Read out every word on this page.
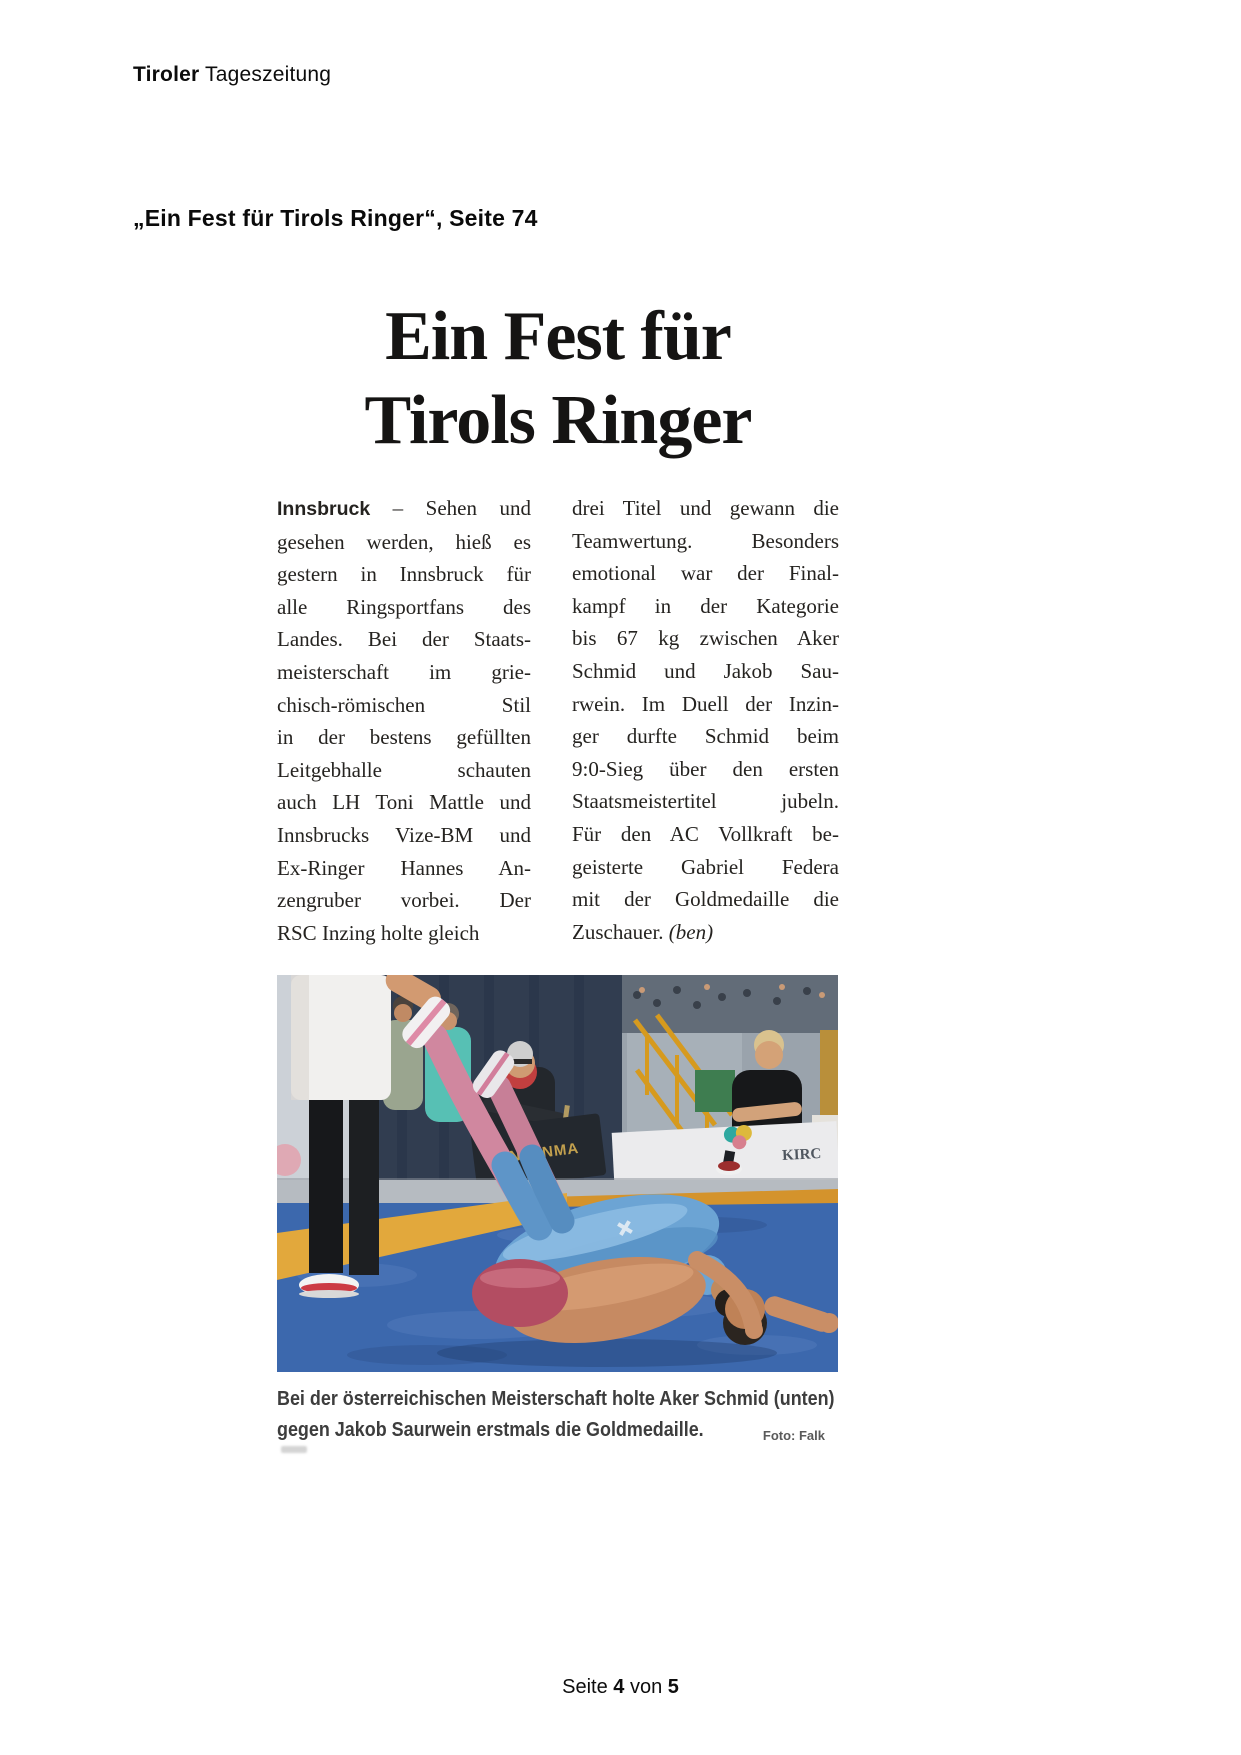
Tiroler Tageszeitung
„Ein Fest für Tirols Ringer“, Seite 74
Ein Fest für
Tirols Ringer
Innsbruck – Sehen und
gesehen werden, hieß es
gestern in Innsbruck für
alle Ringsportfans des
Landes. Bei der Staats-
meisterschaft im grie-
chisch-römischen Stil
in der bestens gefüllten
Leitgebhalle schauten
auch LH Toni Mattle und
Innsbrucks Vize-BM und
Ex-Ringer Hannes An-
zengruber vorbei. Der
RSC Inzing holte gleich
drei Titel und gewann die
Teamwertung. Besonders
emotional war der Final-
kampf in der Kategorie
bis 67 kg zwischen Aker
Schmid und Jakob Sau-
rwein. Im Duell der Inzin-
ger durfte Schmid beim
9:0-Sieg über den ersten
Staatsmeistertitel jubeln.
Für den AC Vollkraft be-
geisterte Gabriel Federa
mit der Goldmedaille die
Zuschauer. (ben)
UNZENMA	KIRC
Bei der österreichischen Meisterschaft holte Aker Schmid (unten)
gegen Jakob Saurwein erstmals die Goldmedaille.	Foto: Falk
Seite 4 von 5
